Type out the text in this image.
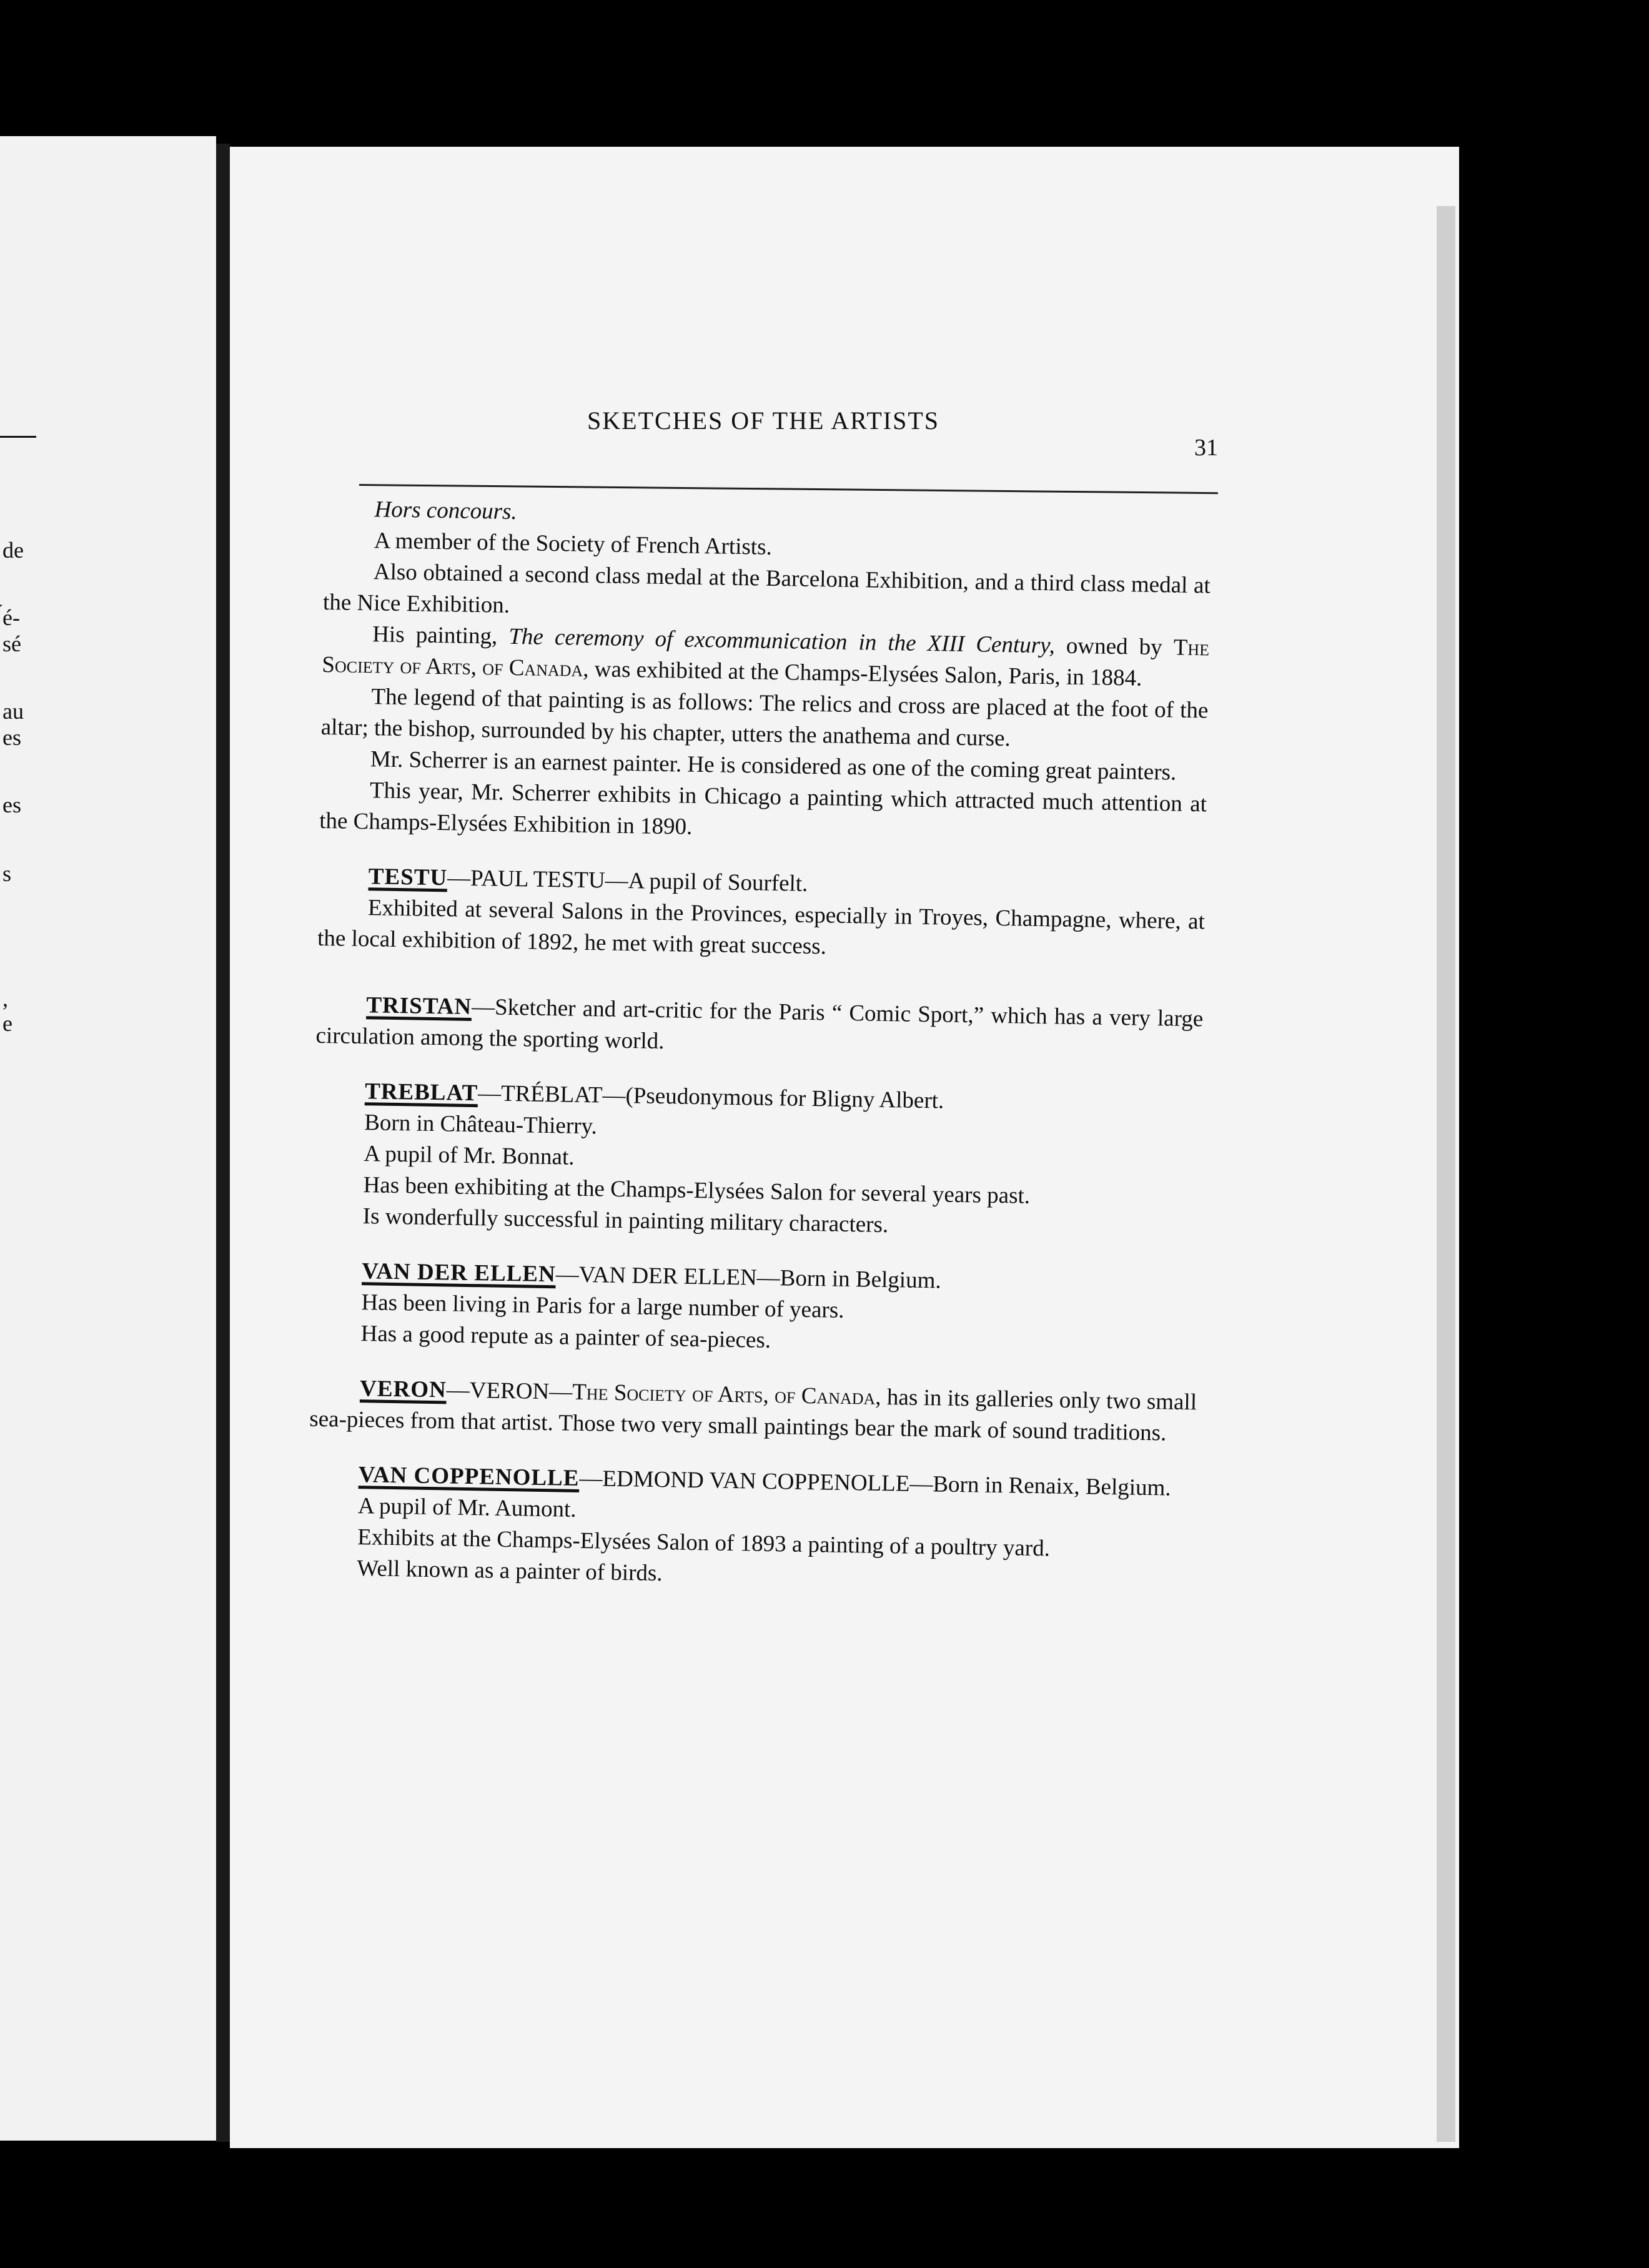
de
́é-
sé
au
es
es
s
,
e
SKETCHES OF THE ARTISTS
31

Hors concours.

A member of the Society of French Artists.

Also obtained a second class medal at the Barcelona Exhibition, and a third class medal at the Nice Exhibition.

His painting, The ceremony of excommunication in the XIII Century, owned by The Society of Arts, of Canada, was exhibited at the Champs-Elysées Salon, Paris, in 1884.

The legend of that painting is as follows: The relics and cross are placed at the foot of the altar; the bishop, surrounded by his chapter, utters the anathema and curse.

Mr. Scherrer is an earnest painter. He is considered as one of the coming great painters.

This year, Mr. Scherrer exhibits in Chicago a painting which attracted much attention at the Champs-Elysées Exhibition in 1890.

TESTU—PAUL TESTU—A pupil of Sourfelt.

Exhibited at several Salons in the Provinces, especially in Troyes, Champagne, where, at the local exhibition of 1892, he met with great success.

TRISTAN—Sketcher and art-critic for the Paris “ Comic Sport,” which has a very large circulation among the sporting world.

TREBLAT—TRÉBLAT—(Pseudonymous for Bligny Albert.

Born in Château-Thierry.

A pupil of Mr. Bonnat.

Has been exhibiting at the Champs-Elysées Salon for several years past.

Is wonderfully successful in painting military characters.

VAN DER ELLEN—VAN DER ELLEN—Born in Belgium.

Has been living in Paris for a large number of years.

Has a good repute as a painter of sea-pieces.

VERON—VERON—The Society of Arts, of Canada, has in its galleries only two small sea-pieces from that artist. Those two very small paintings bear the mark of sound traditions.

VAN COPPENOLLE—EDMOND VAN COPPENOLLE—Born in Renaix, Belgium.

A pupil of Mr. Aumont.

Exhibits at the Champs-Elysées Salon of 1893 a painting of a poultry yard.

Well known as a painter of birds.
